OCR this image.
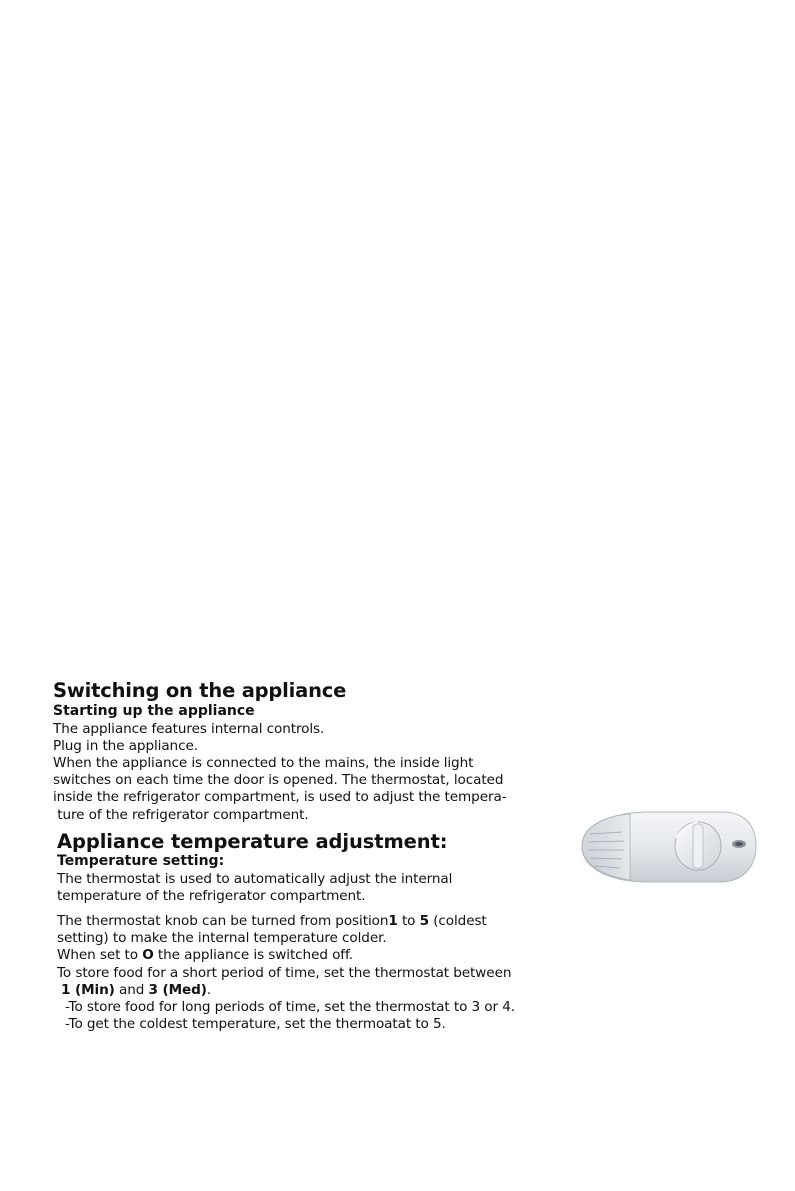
Switching on the appliance
Starting up the appliance
The appliance features internal controls.
Plug in the appliance.
When the appliance is connected to the mains, the inside light
switches on each time the door is opened. The thermostat, located
inside the refrigerator compartment, is used to adjust the tempera-
ture of the refrigerator compartment.
Appliance temperature adjustment:
Temperature setting:
The thermostat is used to automatically adjust the internal
temperature of the refrigerator compartment.
The thermostat knob can be turned from position1 to 5 (coldest
setting) to make the internal temperature colder.
When set to O the appliance is switched off.
To store food for a short period of time, set the thermostat between
1 (Min) and 3 (Med).
-To store food for long periods of time, set the thermostat to 3 or 4.
-To get the coldest temperature, set the thermoatat to 5.
